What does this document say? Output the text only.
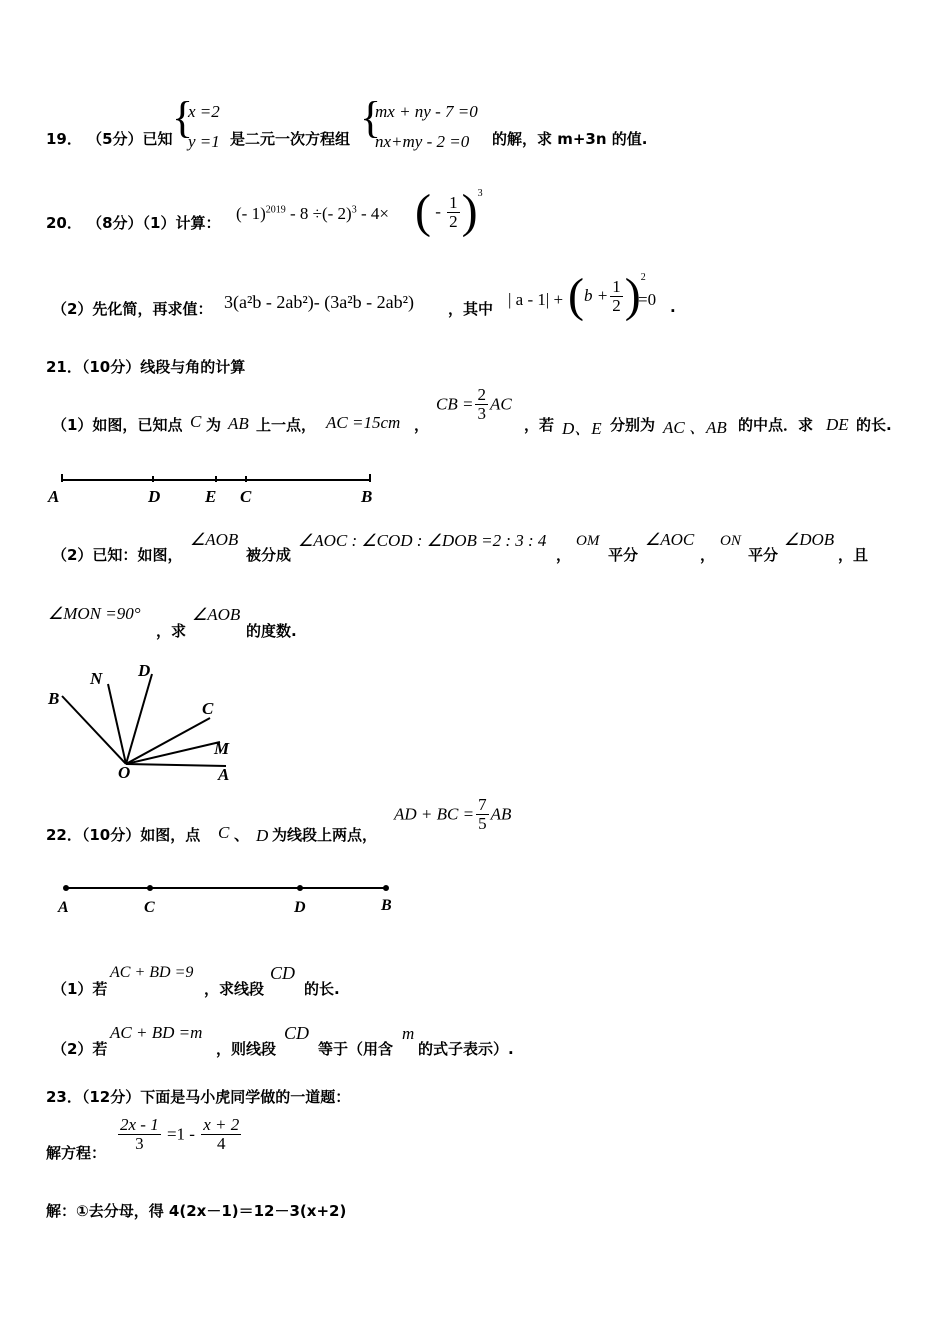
19． （5分）已知 {
x =2
y =1 是二元一次方程组 {
mx + ny - 7 =0
nx+my - 2 =0 的解，求 m+3n 的值.
20． （8分）（1）计算： (- 1)$^{2019}$ - 8 ÷(- 2)$^3$ - 4× ( - $\frac{1}{2} )^3$
（2）先化简，再求值： 3(a²b - 2ab²)- (3a²b - 2ab²) ，其中 | $a - 1| + (b + \frac{1}{2} )^2$
=0 .
21．（10分）线段与角的计算
（1）如图，已知点 C 为 AB 上一点， AC =15cm ，
CB = $\frac{2}{3}$ AC
，若 D、E 分别为 AC 、AB 的中点．求 DE 的长.
A	D	E C	B
（2）已知：如图，
∠AOB
被分成
∠AOC : ∠COD : ∠DOB =2 : 3 : 4
，
OM
平分
∠AOC
，
ON
平分
∠DOB
，且
∠MON =90°
，求
∠AOB
的度数.
B
N D
C
M
O	A
22．（10分）如图，点 C 、 D 为线段上两点，
AD + BC = $\frac{7}{5}$ AB
A	C	D	B
（1）若
AC + BD =9
，求线段
CD
的长.
（2）若
AC + BD =m
，则线段
CD
等于（用含
m
的式子表示）.
23．（12分）下面是马小虎同学做的一道题：
解方程： $\frac{2x - 1}{3} =1 - \frac{x + 2}{4}$
解：①去分母，得 4(2x－1)＝12－3(x+2)
